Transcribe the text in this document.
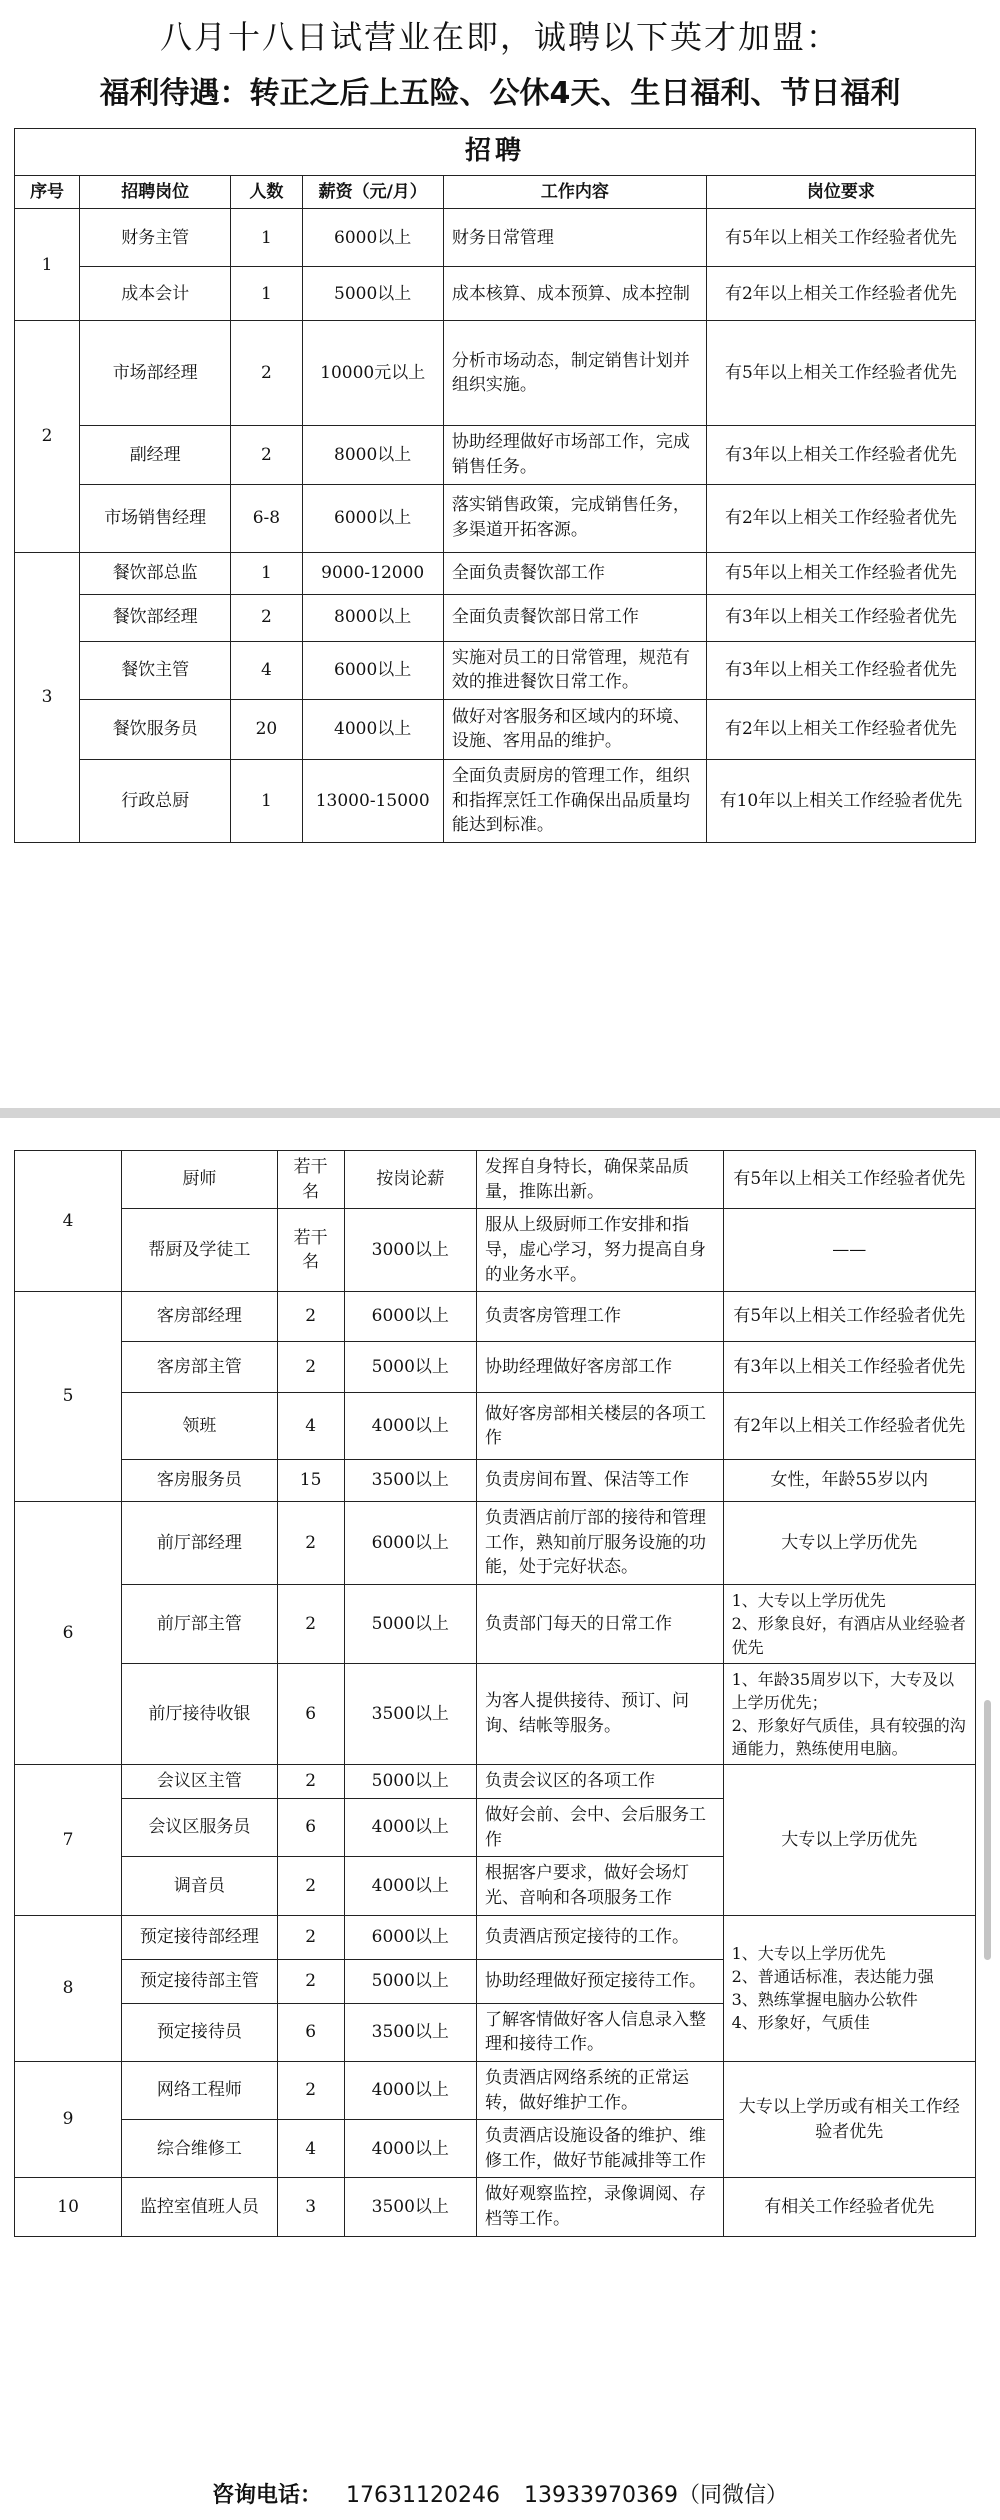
八月十八日试营业在即，诚聘以下英才加盟：
福利待遇：转正之后上五险、公休4天、生日福利、节日福利
招聘					
序号	招聘岗位	人数	薪资（元/月）	工作内容	岗位要求
1	财务主管	1	6000以上	财务日常管理	有5年以上相关工作经验者优先
	成本会计	1	5000以上	成本核算、成本预算、成本控制	有2年以上相关工作经验者优先
2	市场部经理	2	10000元以上	分析市场动态，制定销售计划并组织实施。	有5年以上相关工作经验者优先
	副经理	2	8000以上	协助经理做好市场部工作，完成销售任务。	有3年以上相关工作经验者优先
	市场销售经理	6-8	6000以上	落实销售政策，完成销售任务，多渠道开拓客源。	有2年以上相关工作经验者优先
3	餐饮部总监	1	9000-12000	全面负责餐饮部工作	有5年以上相关工作经验者优先
	餐饮部经理	2	8000以上	全面负责餐饮部日常工作	有3年以上相关工作经验者优先
	餐饮主管	4	6000以上	实施对员工的日常管理，规范有效的推进餐饮日常工作。	有3年以上相关工作经验者优先
	餐饮服务员	20	4000以上	做好对客服务和区域内的环境、设施、客用品的维护。	有2年以上相关工作经验者优先
	行政总厨	1	13000-15000	全面负责厨房的管理工作，组织和指挥烹饪工作确保出品质量均能达到标准。	有10年以上相关工作经验者优先
4	厨师	若干名	按岗论薪	发挥自身特长，确保菜品质量，推陈出新。	有5年以上相关工作经验者优先
	帮厨及学徒工	若干名	3000以上	服从上级厨师工作安排和指导，虚心学习，努力提高自身的业务水平。	——
5	客房部经理	2	6000以上	负责客房管理工作	有5年以上相关工作经验者优先
	客房部主管	2	5000以上	协助经理做好客房部工作	有3年以上相关工作经验者优先
	领班	4	4000以上	做好客房部相关楼层的各项工作	有2年以上相关工作经验者优先
	客房服务员	15	3500以上	负责房间布置、保洁等工作	女性，年龄55岁以内
6	前厅部经理	2	6000以上	负责酒店前厅部的接待和管理工作，熟知前厅服务设施的功能，处于完好状态。	大专以上学历优先
	前厅部主管	2	5000以上	负责部门每天的日常工作	1、大专以上学历优先
2、形象良好，有酒店从业经验者优先
	前厅接待收银	6	3500以上	为客人提供接待、预订、问询、结帐等服务。	1、年龄35周岁以下，大专及以上学历优先；
2、形象好气质佳，具有较强的沟通能力，熟练使用电脑。
7	会议区主管	2	5000以上	负责会议区的各项工作	大专以上学历优先
	会议区服务员	6	4000以上	做好会前、会中、会后服务工作	
	调音员	2	4000以上	根据客户要求，做好会场灯光、音响和各项服务工作	
8	预定接待部经理	2	6000以上	负责酒店预定接待的工作。	1、大专以上学历优先
2、普通话标准，表达能力强
3、熟练掌握电脑办公软件
4、形象好，气质佳
	预定接待部主管	2	5000以上	协助经理做好预定接待工作。	
	预定接待员	6	3500以上	了解客情做好客人信息录入整理和接待工作。	
9	网络工程师	2	4000以上	负责酒店网络系统的正常运转，做好维护工作。	大专以上学历或有相关工作经验者优先
	综合维修工	4	4000以上	负责酒店设施设备的维护、维修工作，做好节能减排等工作	
10	监控室值班人员	3	3500以上	做好观察监控，录像调阅、存档等工作。	有相关工作经验者优先
咨询电话： 17631120246 13933970369（同微信）
